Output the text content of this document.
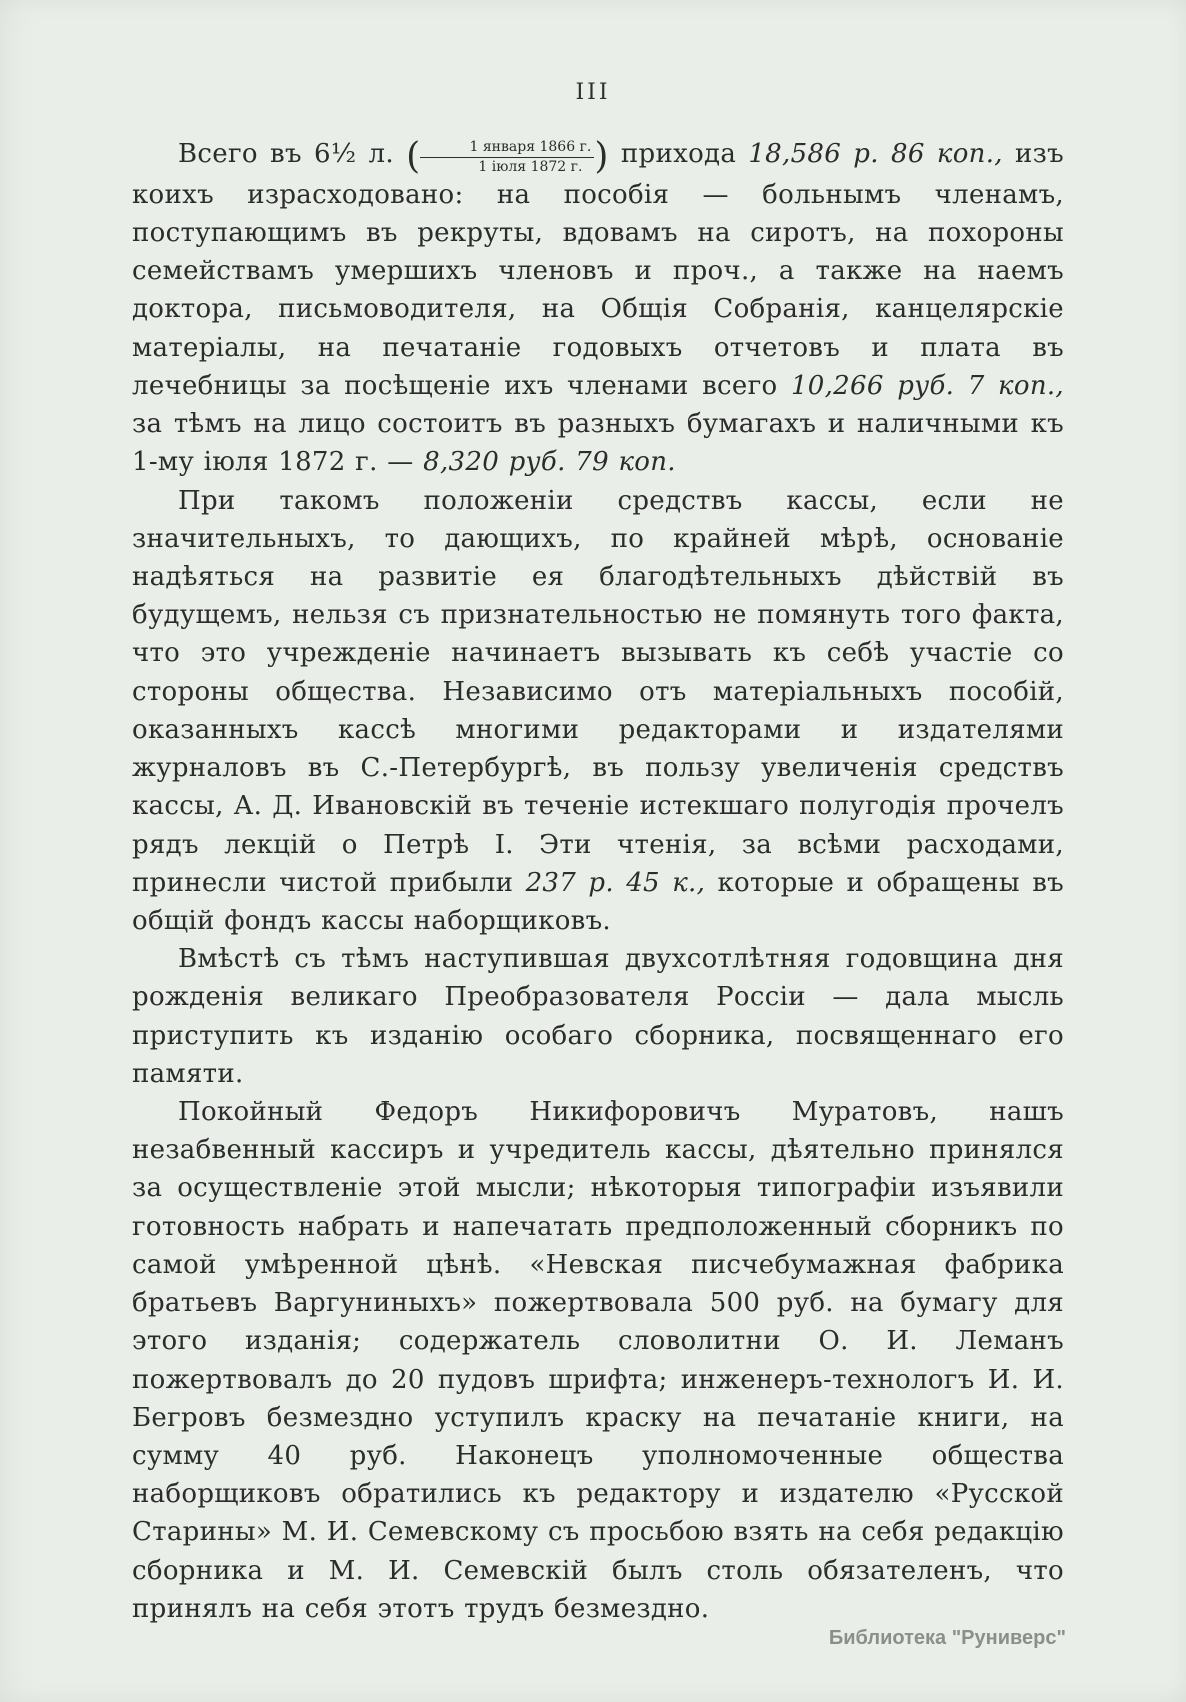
III

Всего въ 6½ л. ( $\frac{\text{1 января 1866 г.}}{\text{1 іюля 1872 г.}}$ ) прихода 18,586 р. 86 коп., изъ коихъ израсходовано: на пособія — больнымъ членамъ, поступающимъ въ рекруты, вдовамъ на сиротъ, на похороны семействамъ умершихъ членовъ и проч., а также на наемъ доктора, письмоводителя, на Общія Собранія, канцелярскіе матеріалы, на печатаніе годовыхъ отчетовъ и плата въ лечебницы за посѣщеніе ихъ членами всего 10,266 руб. 7 коп., за тѣмъ на лицо состоитъ въ разныхъ бумагахъ и наличными къ 1-му іюля 1872 г. — 8,320 руб. 79 коп.

При такомъ положеніи средствъ кассы, если не значительныхъ, то дающихъ, по крайней мѣрѣ, основаніе надѣяться на развитіе ея благодѣтельныхъ дѣйствій въ будущемъ, нельзя съ признательностью не помянуть того факта, что это учрежденіе начинаетъ вызывать къ себѣ участіе со стороны общества. Независимо отъ матеріальныхъ пособій, оказанныхъ кассѣ многими редакторами и издателями журналовъ въ С.-Петербургѣ, въ пользу увеличенія средствъ кассы, А. Д. Ивановскій въ теченіе истекшаго полугодія прочелъ рядъ лекцій о Петрѣ I. Эти чтенія, за всѣми расходами, принесли чистой прибыли 237 р. 45 к., которые и обращены въ общій фондъ кассы наборщиковъ.

Вмѣстѣ съ тѣмъ наступившая двухсотлѣтняя годовщина дня рожденія великаго Преобразователя Россіи — дала мысль приступить къ изданію особаго сборника, посвященнаго его памяти.

Покойный Федоръ Никифоровичъ Муратовъ, нашъ незабвенный кассиръ и учредитель кассы, дѣятельно принялся за осуществленіе этой мысли; нѣкоторыя типографіи изъявили готовность набрать и напечатать предположенный сборникъ по самой умѣренной цѣнѣ. «Невская писчебумажная фабрика братьевъ Варгуниныхъ» пожертвовала 500 руб. на бумагу для этого изданія; содержатель словолитни О. И. Леманъ пожертвовалъ до 20 пудовъ шрифта; инженеръ-технологъ И. И. Бегровъ безмездно уступилъ краску на печатаніе книги, на сумму 40 руб. Наконецъ уполномоченные общества наборщиковъ обратились къ редактору и издателю «Русской Старины» М. И. Семевскому съ просьбою взять на себя редакцію сборника и М. И. Семевскій былъ столь обязателенъ, что принялъ на себя этотъ трудъ безмездно.

Библиотека "Руниверс"
